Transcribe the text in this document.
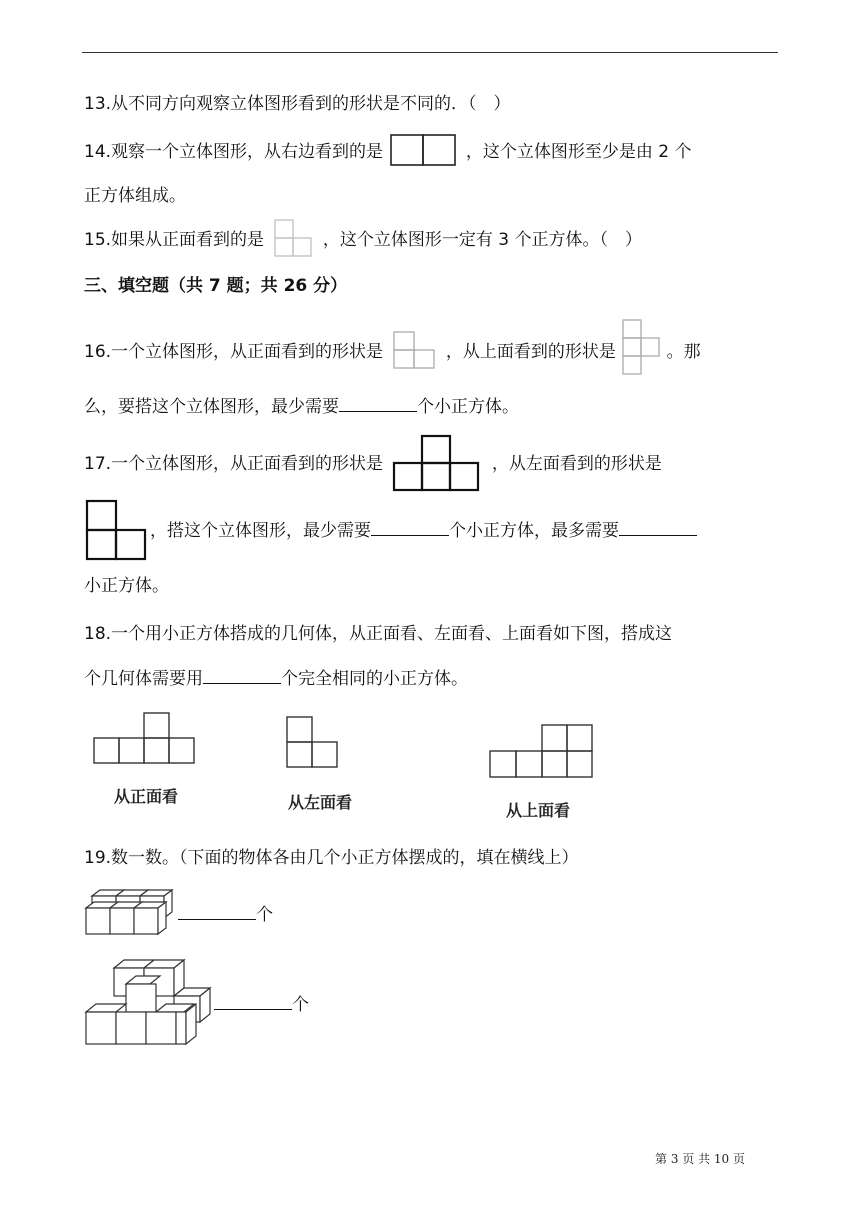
13.从不同方向观察立体图形看到的形状是不同的．（　）
14.观察一个立体图形，从右边看到的是	，这个立体图形至少是由 2 个
正方体组成。
15.如果从正面看到的是	，这个立体图形一定有 3 个正方体。（　）
三、填空题（共 7 题；共 26 分）
16.一个立体图形，从正面看到的形状是	，从上面看到的形状是	。那
么，要搭这个立体图形，最少需要	个小正方体。
17.一个立体图形，从正面看到的形状是	，从左面看到的形状是
，搭这个立体图形，最少需要	个小正方体，最多需要
小正方体。
18.一个用小正方体搭成的几何体，从正面看、左面看、上面看如下图，搭成这
个几何体需要用	个完全相同的小正方体。
从正面看	从左面看	从上面看
19.数一数。（下面的物体各由几个小正方体摆成的，填在横线上）
个
个
第 3 页 共 10 页
